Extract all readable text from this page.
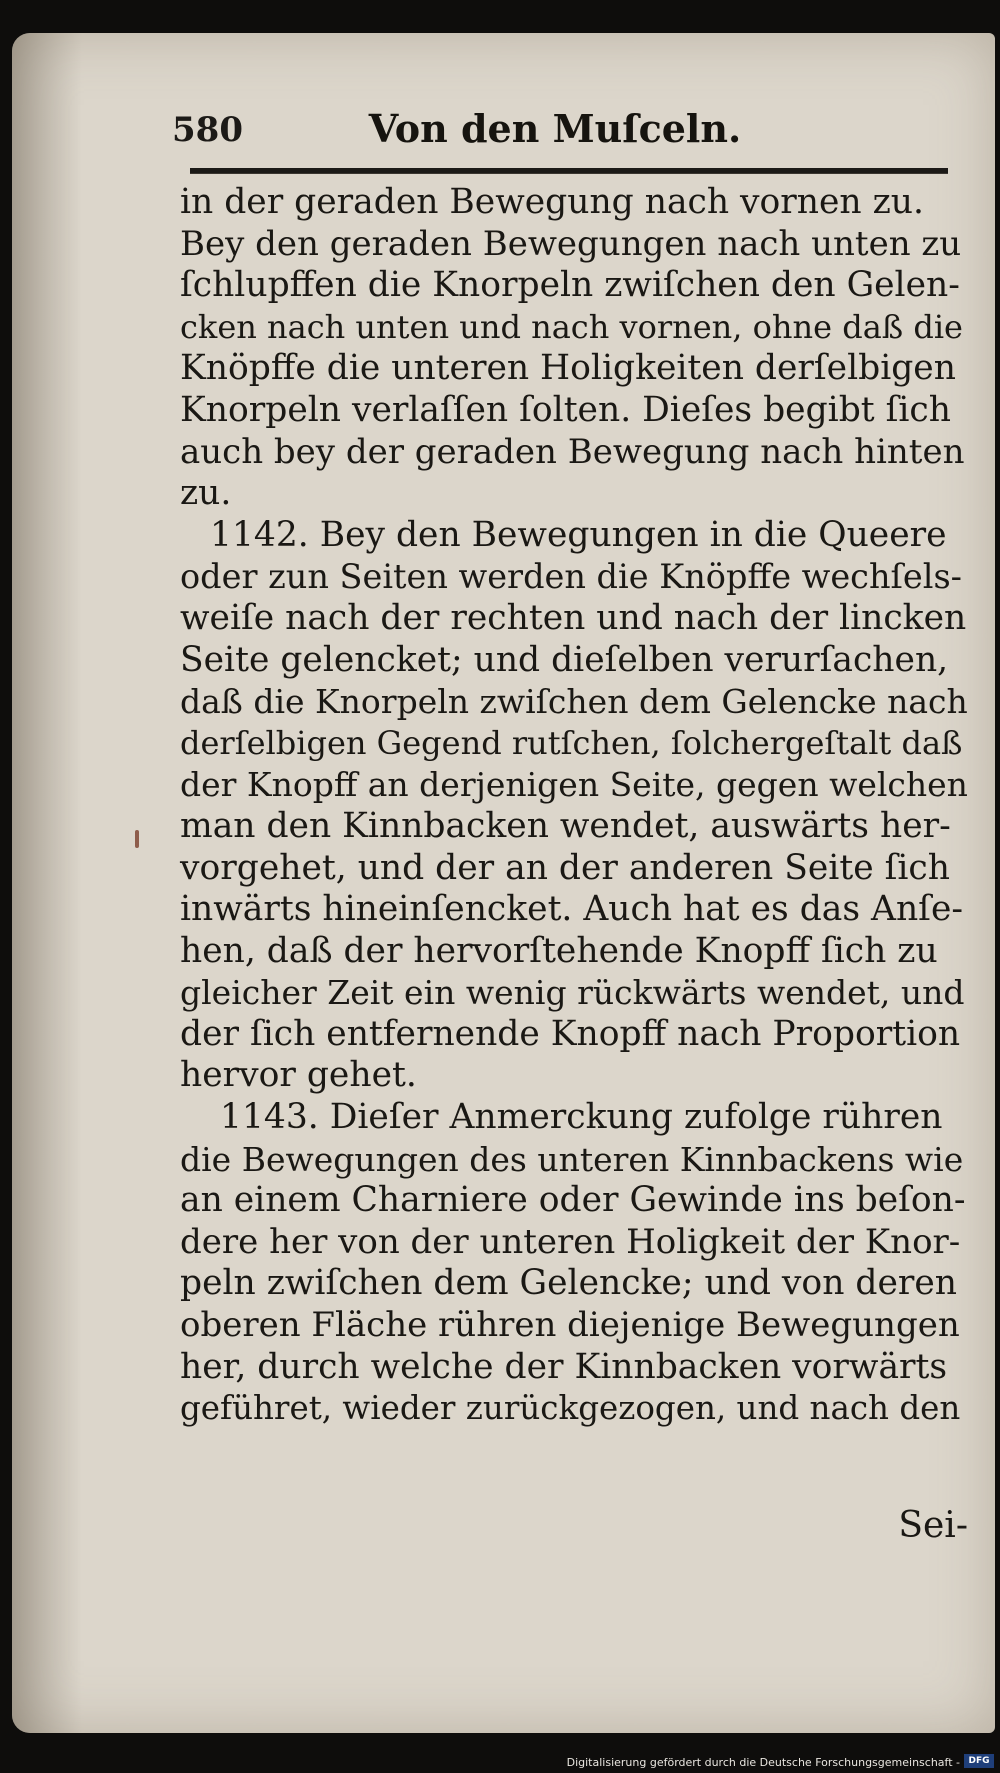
580	Von den Muſceln.
in der geraden Bewegung nach vornen zu.
Bey den geraden Bewegungen nach unten zu
ſchlupffen die Knorpeln zwiſchen den Gelen-
cken nach unten und nach vornen, ohne daß die
Knöpffe die unteren Holigkeiten derſelbigen
Knorpeln verlaſſen ſolten. Dieſes begibt ſich
auch bey der geraden Bewegung nach hinten
zu.
1142. Bey den Bewegungen in die Queere
oder zun Seiten werden die Knöpffe wechſels-
weiſe nach der rechten und nach der lincken
Seite gelencket; und dieſelben verurſachen,
daß die Knorpeln zwiſchen dem Gelencke nach
derſelbigen Gegend rutſchen, ſolchergeſtalt daß
der Knopff an derjenigen Seite, gegen welchen
man den Kinnbacken wendet, auswärts her-
vorgehet, und der an der anderen Seite ſich
inwärts hineinſencket. Auch hat es das Anſe-
hen, daß der hervorſtehende Knopff ſich zu
gleicher Zeit ein wenig rückwärts wendet, und
der ſich entfernende Knopff nach Proportion
hervor gehet.
1143. Dieſer Anmerckung zufolge rühren
die Bewegungen des unteren Kinnbackens wie
an einem Charniere oder Gewinde ins beſon-
dere her von der unteren Holigkeit der Knor-
peln zwiſchen dem Gelencke; und von deren
oberen Fläche rühren diejenige Bewegungen
her, durch welche der Kinnbacken vorwärts
geführet, wieder zurückgezogen, und nach den
Sei-
Digitalisierung gefördert durch die Deutsche Forschungsgemeinschaft - DFG
